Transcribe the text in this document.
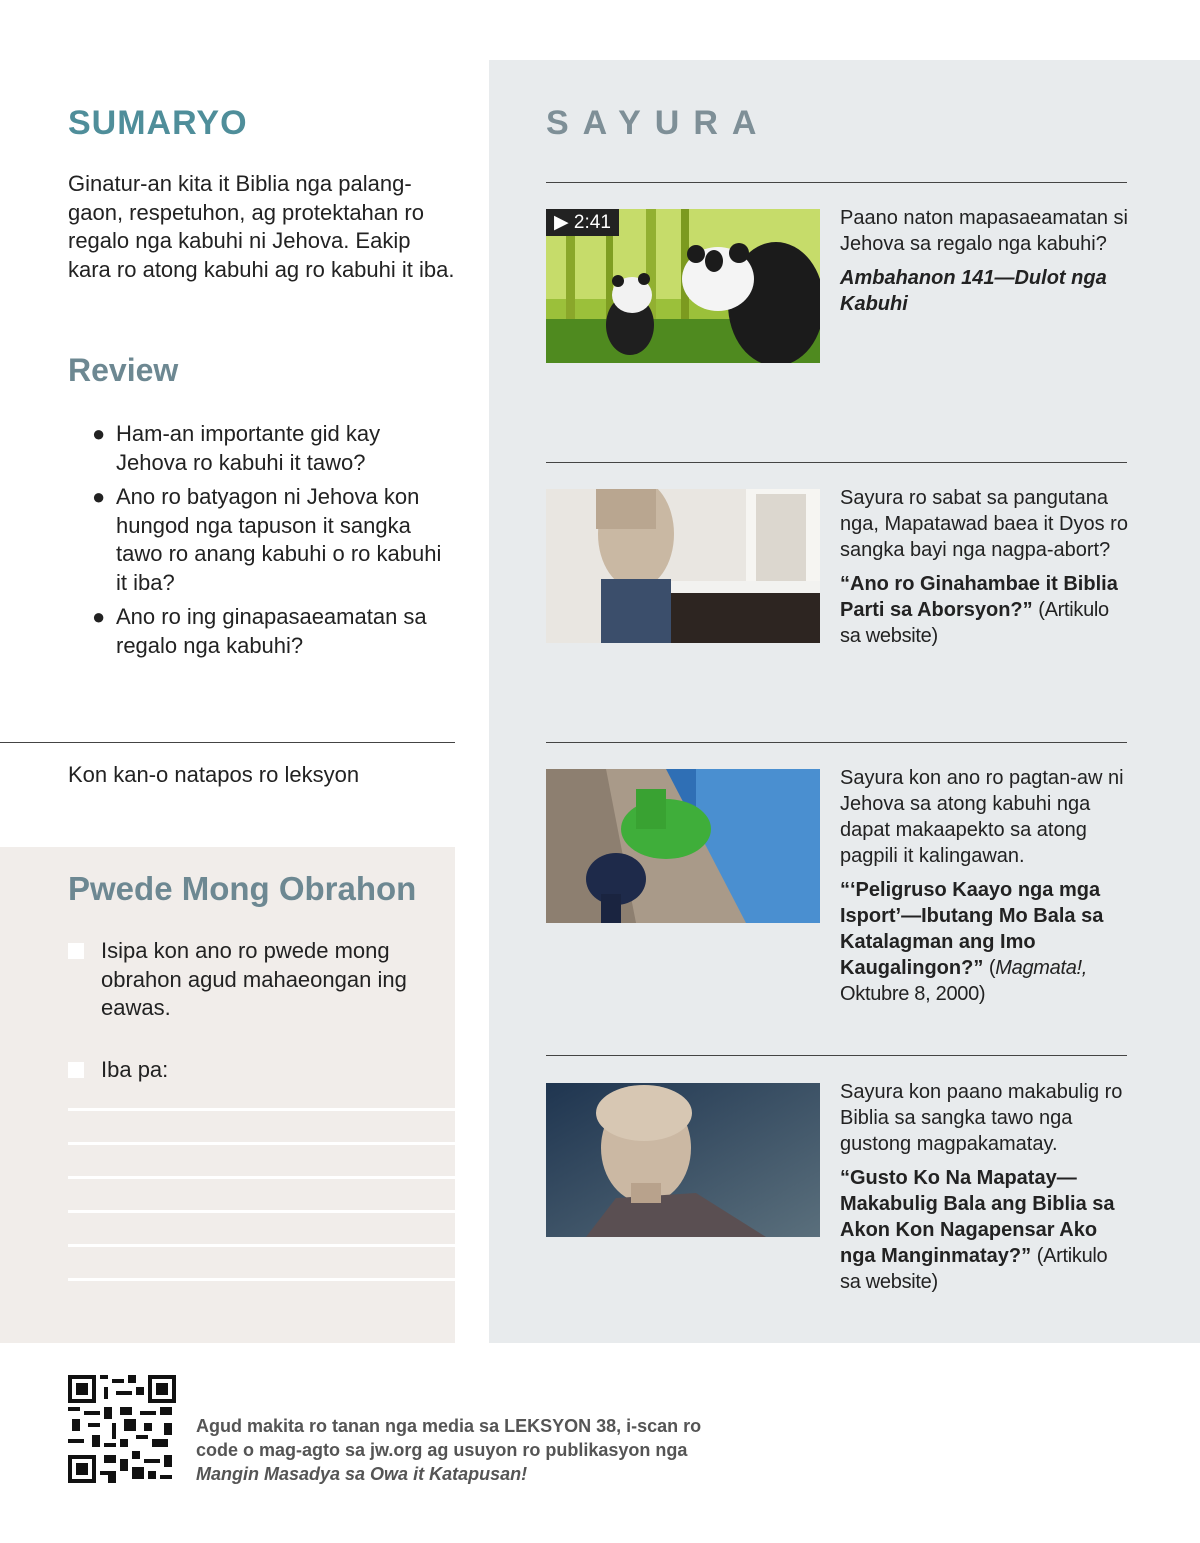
SUMARYO

Ginatur-an kita it Biblia nga palang-gaon, respetuhon, ag protektahan ro regalo nga kabuhi ni Jehova. Eakip kara ro atong kabuhi ag ro kabuhi it iba.

Review
● Ham-an importante gid kay Jehova ro kabuhi it tawo?
● Ano ro batyagon ni Jehova kon hungod nga tapuson it sangka tawo ro anang kabuhi o ro kabuhi it iba?
● Ano ro ing ginapasaeamatan sa regalo nga kabuhi?

Kon kan-o natapos ro leksyon

Pwede Mong Obrahon
Isipa kon ano ro pwede mong obrahon agud mahaeongan ing eawas.
Iba pa:
SAYURA
▶ 2:41	Paano naton mapasaeamatan si Jehova sa regalo nga kabuhi?
Ambahanon 141—Dulot nga Kabuhi
Sayura ro sabat sa pangutana nga, Mapatawad baea it Dyos ro sangka bayi nga nagpa-abort?
“Ano ro Ginahambae it Biblia Parti sa Aborsyon?” (Artikulo sa website)
Sayura kon ano ro pagtan-aw ni Jehova sa atong kabuhi nga dapat makaapekto sa atong pagpili it kalingawan.
“‘Peligruso Kaayo nga mga Isport’—Ibutang Mo Bala sa Katalagman ang Imo Kaugalingon?” (Magmata!, Oktubre 8, 2000)
Sayura kon paano makabulig ro Biblia sa sangka tawo nga gustong magpakamatay.
“Gusto Ko Na Mapatay—Makabulig Bala ang Biblia sa Akon Kon Nagapensar Ako nga Manginmatay?” (Artikulo sa website)

Agud makita ro tanan nga media sa LEKSYON 38, i-scan ro code o mag-agto sa jw.org ag usuyon ro publikasyon nga Mangin Masadya sa Owa it Katapusan!
